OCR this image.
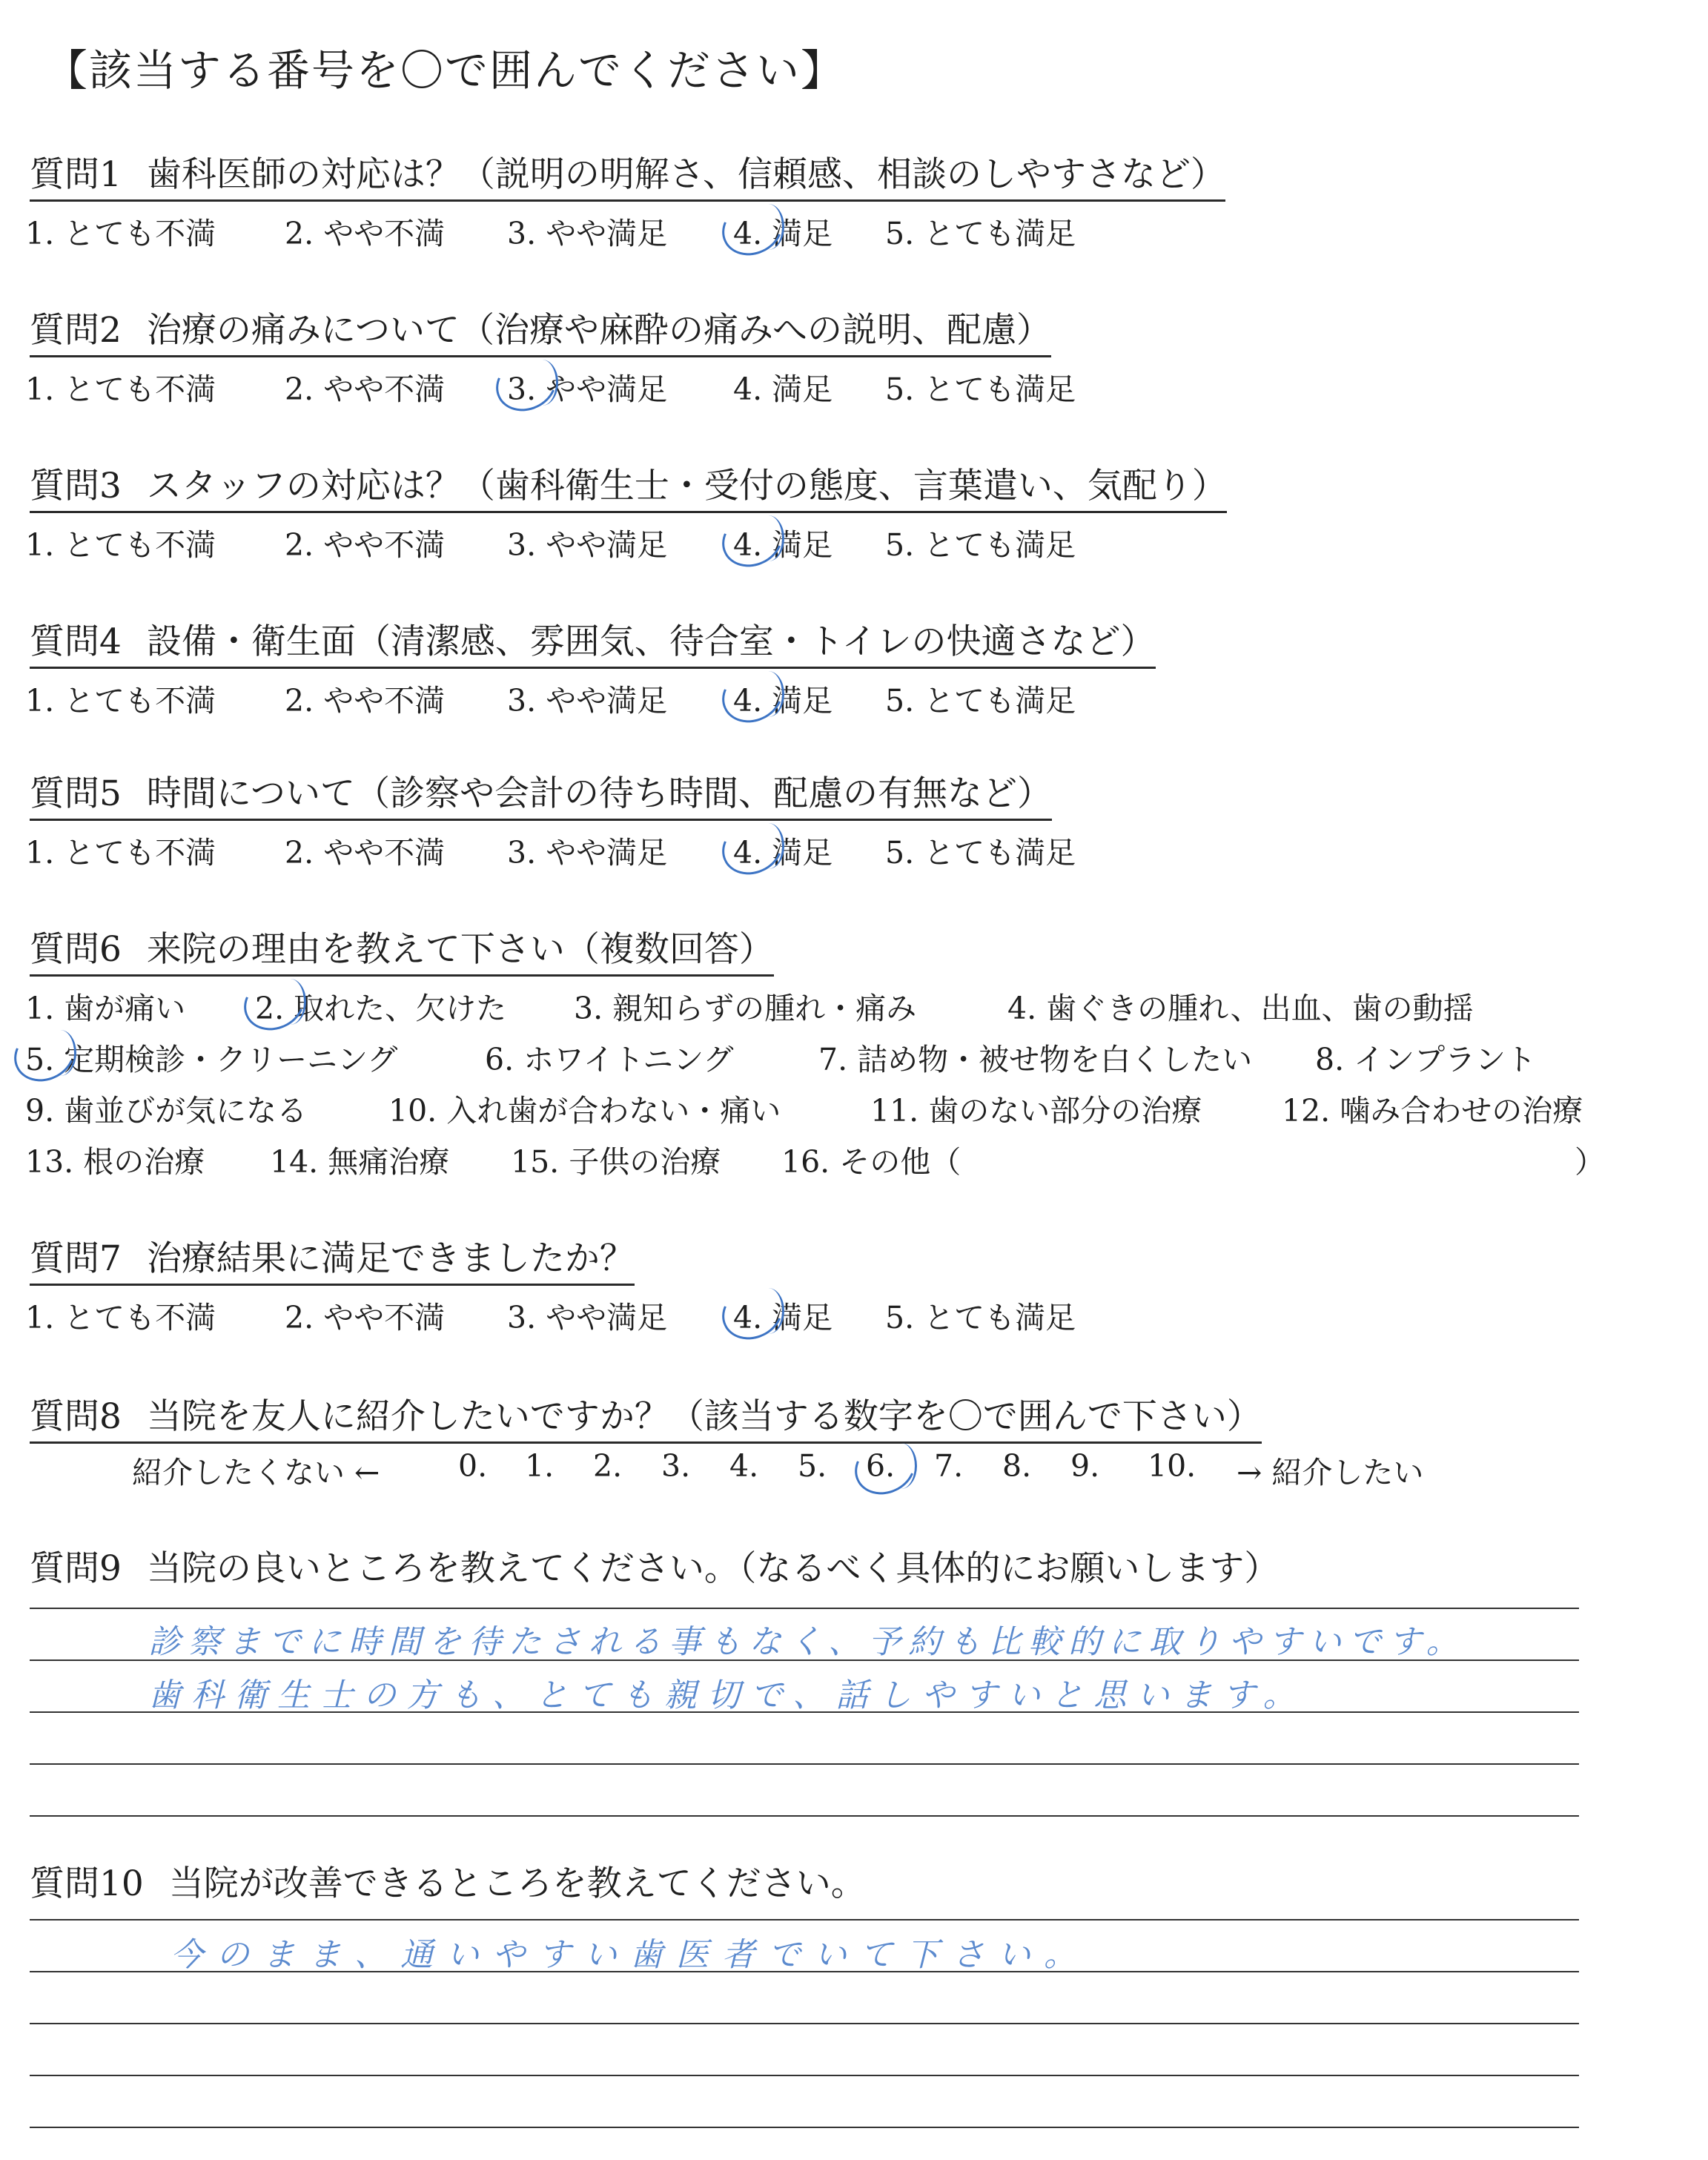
【該当する番号を〇で囲んでください】
質問1 歯科医師の対応は？（説明の明解さ、信頼感、相談のしやすさなど）
1. とても不満 2. やや不満 3. やや満足 4. 満足 5. とても満足
質問2 治療の痛みについて（治療や麻酔の痛みへの説明、配慮）
1. とても不満 2. やや不満 3. やや満足 4. 満足 5. とても満足
質問3 スタッフの対応は？（歯科衛生士・受付の態度、言葉遣い、気配り）
1. とても不満 2. やや不満 3. やや満足 4. 満足 5. とても満足
質問4 設備・衛生面（清潔感、雰囲気、待合室・トイレの快適さなど）
1. とても不満 2. やや不満 3. やや満足 4. 満足 5. とても満足
質問5 時間について（診察や会計の待ち時間、配慮の有無など）
1. とても不満 2. やや不満 3. やや満足 4. 満足 5. とても満足
質問6 来院の理由を教えて下さい（複数回答）
1. 歯が痛い 2. 取れた、欠けた 3. 親知らずの腫れ・痛み	4. 歯ぐきの腫れ、出血、歯の動揺
5. 定期検診・クリーニング	6. ホワイトニング	7. 詰め物・被せ物を白くしたい 8. インプラント
9. 歯並びが気になる	10. 入れ歯が合わない・痛い	11. 歯のない部分の治療	12. 噛み合わせの治療
13. 根の治療 14. 無痛治療 15. 子供の治療 16. その他（	）
質問7 治療結果に満足できましたか？
1. とても不満 2. やや不満 3. やや満足 4. 満足 5. とても満足
質問8 当院を友人に紹介したいですか？（該当する数字を〇で囲んで下さい）
紹介したくない ←	0. 1. 2. 3. 4. 5. 6. 7. 8. 9. 10. → 紹介したい
質問9 当院の良いところを教えてください。（なるべく具体的にお願いします）
診察までに時間を待たされる事もなく、予約も比較的に取りやすいです。
歯科衛生士の方も、とても親切で、話しやすいと思います。
質問10 当院が改善できるところを教えてください。
今のまま、通いやすい歯医者でいて下さい。
